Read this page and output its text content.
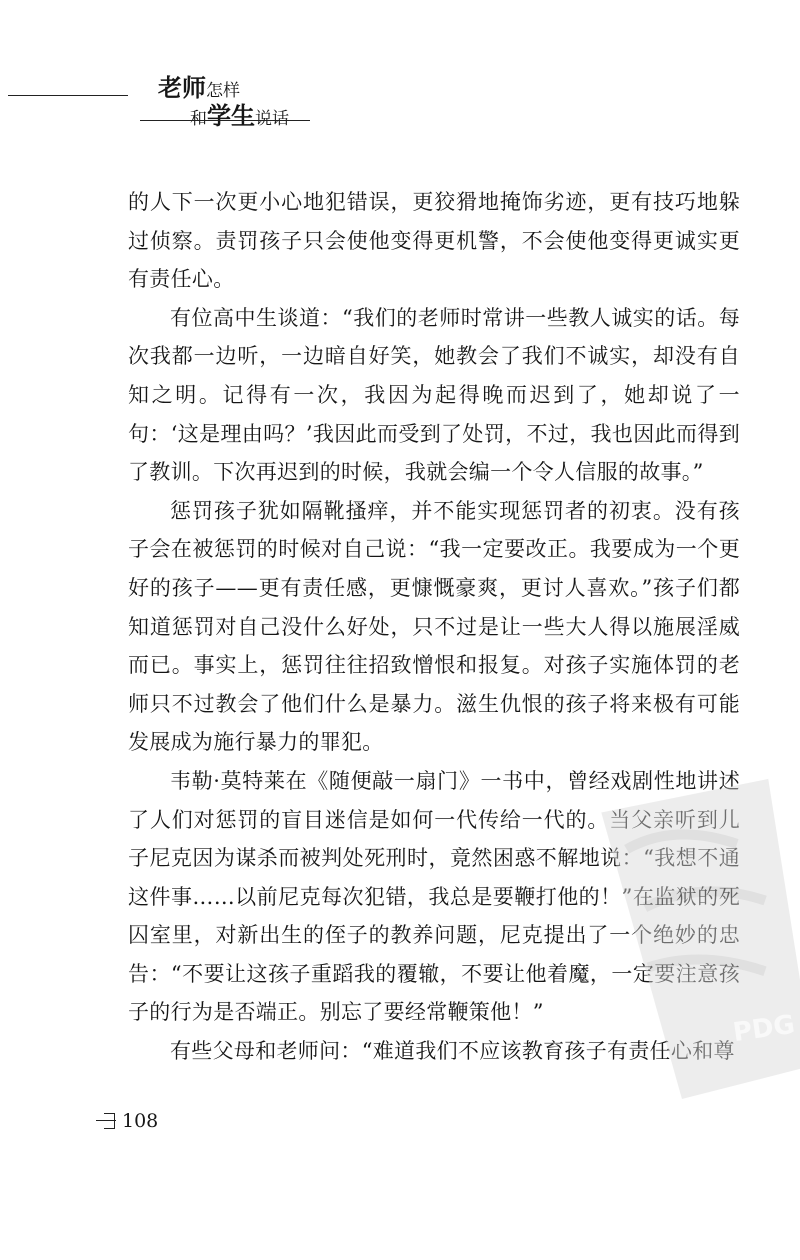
老师怎样
和学生说话

的人下一次更小心地犯错误，更狡猾地掩饰劣迹，更有技巧地躲过侦察。责罚孩子只会使他变得更机警，不会使他变得更诚实更有责任心。

有位高中生谈道：“我们的老师时常讲一些教人诚实的话。每次我都一边听，一边暗自好笑，她教会了我们不诚实，却没有自知之明。记得有一次，我因为起得晚而迟到了，她却说了一句：‘这是理由吗？’我因此而受到了处罚，不过，我也因此而得到了教训。下次再迟到的时候，我就会编一个令人信服的故事。”

惩罚孩子犹如隔靴搔痒，并不能实现惩罚者的初衷。没有孩子会在被惩罚的时候对自己说：“我一定要改正。我要成为一个更好的孩子——更有责任感，更慷慨豪爽，更讨人喜欢。”孩子们都知道惩罚对自己没什么好处，只不过是让一些大人得以施展淫威而已。事实上，惩罚往往招致憎恨和报复。对孩子实施体罚的老师只不过教会了他们什么是暴力。滋生仇恨的孩子将来极有可能发展成为施行暴力的罪犯。

韦勒·莫特莱在《随便敲一扇门》一书中，曾经戏剧性地讲述了人们对惩罚的盲目迷信是如何一代传给一代的。当父亲听到儿子尼克因为谋杀而被判处死刑时，竟然困惑不解地说：“我想不通这件事……以前尼克每次犯错，我总是要鞭打他的！”在监狱的死囚室里，对新出生的侄子的教养问题，尼克提出了一个绝妙的忠告：“不要让这孩子重蹈我的覆辙，不要让他着魔，一定要注意孩子的行为是否端正。别忘了要经常鞭策他！”

有些父母和老师问：“难道我们不应该教育孩子有责任心和尊

PDG
108
